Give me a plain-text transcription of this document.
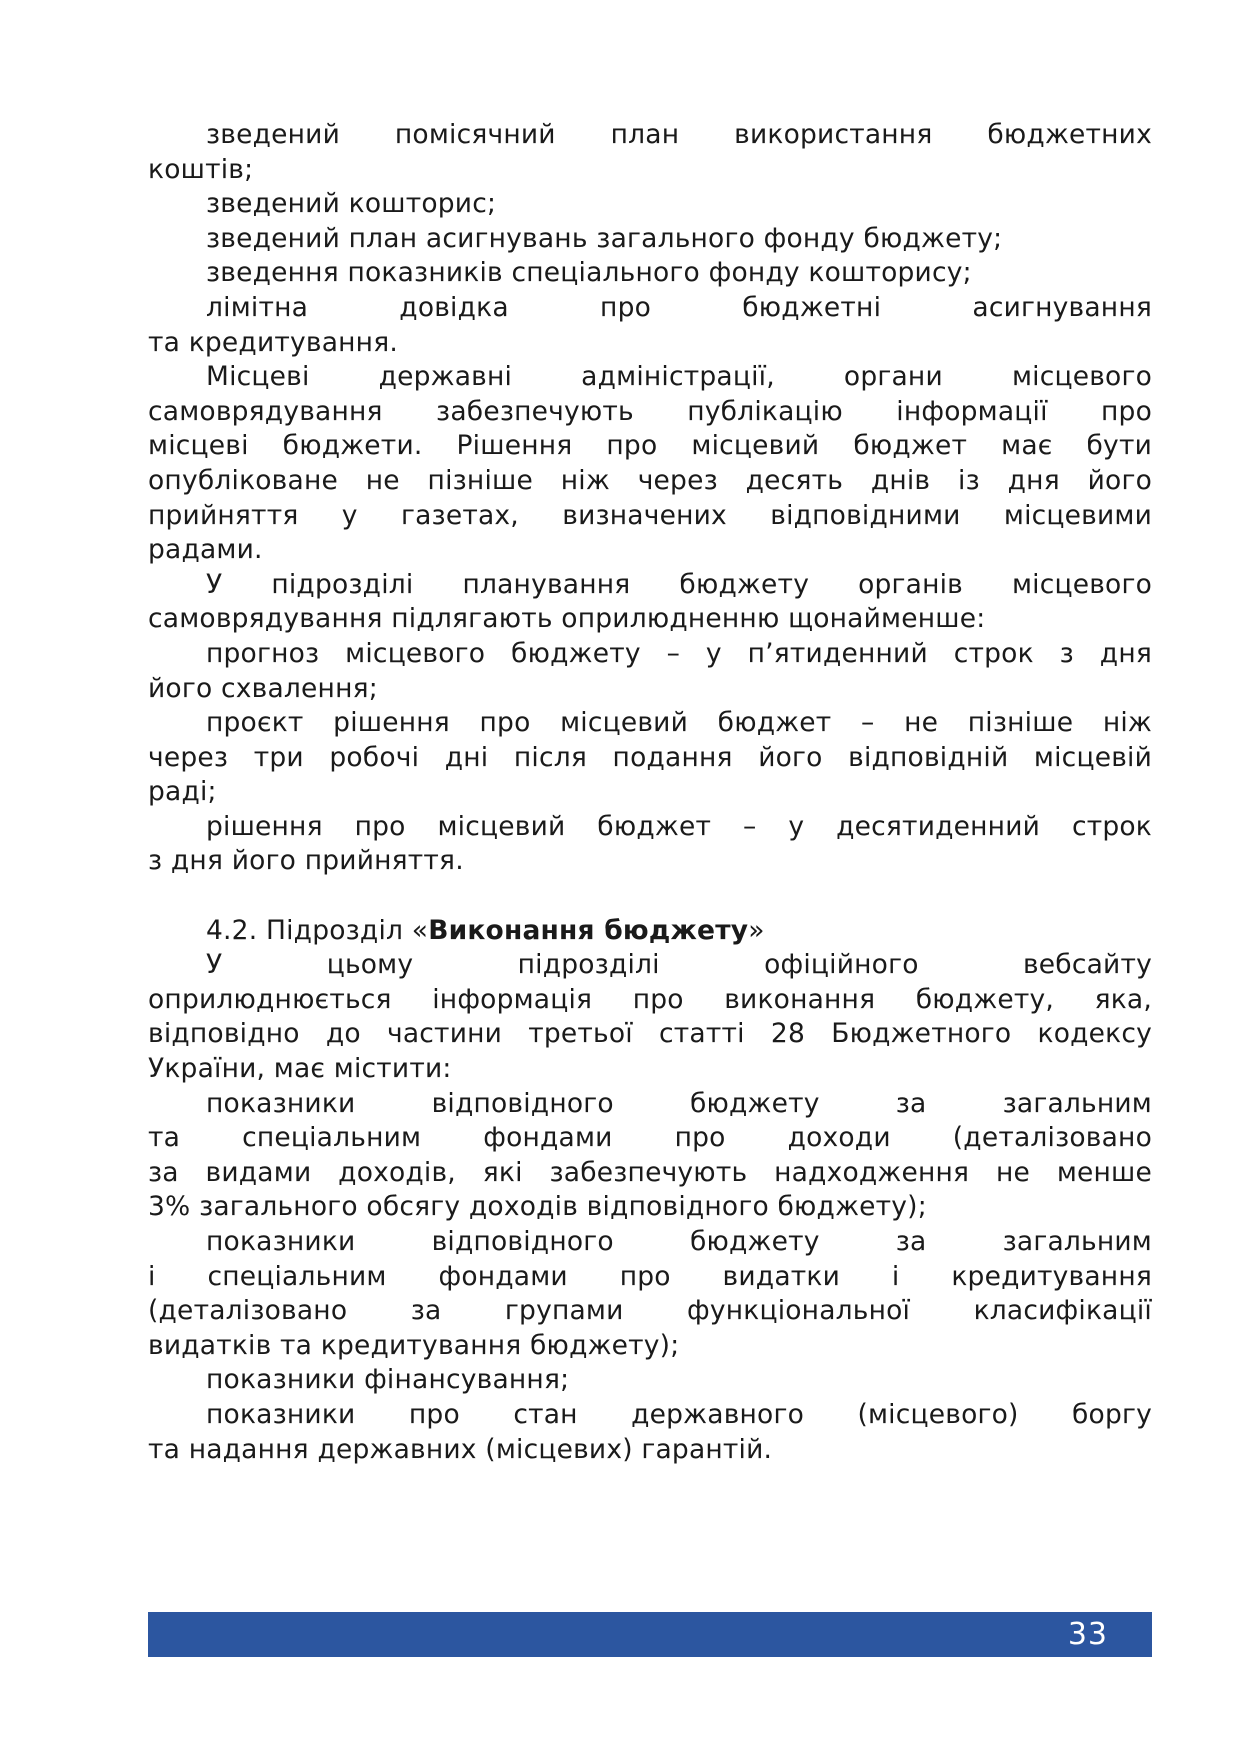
зведений помісячний план використання бюджетних
коштів;

зведений кошторис;

зведений план асигнувань загального фонду бюджету;

зведення показників спеціального фонду кошторису;

лімітна довідка про бюджетні асигнування
та кредитування.

Місцеві державні адміністрації, органи місцевого
самоврядування забезпечують публікацію інформації про
місцеві бюджети. Рішення про місцевий бюджет має бути
опубліковане не пізніше ніж через десять днів із дня його
прийняття у газетах, визначених відповідними місцевими
радами.

У підрозділі планування бюджету органів місцевого
самоврядування підлягають оприлюдненню щонайменше:

прогноз місцевого бюджету – у п’ятиденний строк з дня
його схвалення;

проєкт рішення про місцевий бюджет – не пізніше ніж
через три робочі дні після подання його відповідній місцевій
раді;

рішення про місцевий бюджет – у десятиденний строк
з дня його прийняття.

4.2. Підрозділ «Виконання бюджету»

У цьому підрозділі офіційного вебсайту
оприлюднюється інформація про виконання бюджету, яка,
відповідно до частини третьої статті 28 Бюджетного кодексу
України, має містити:

показники відповідного бюджету за загальним
та спеціальним фондами про доходи (деталізовано
за видами доходів, які забезпечують надходження не менше
3% загального обсягу доходів відповідного бюджету);

показники відповідного бюджету за загальним
і спеціальним фондами про видатки і кредитування
(деталізовано за групами функціональної класифікації
видатків та кредитування бюджету);

показники фінансування;

показники про стан державного (місцевого) боргу
та надання державних (місцевих) гарантій.

33
